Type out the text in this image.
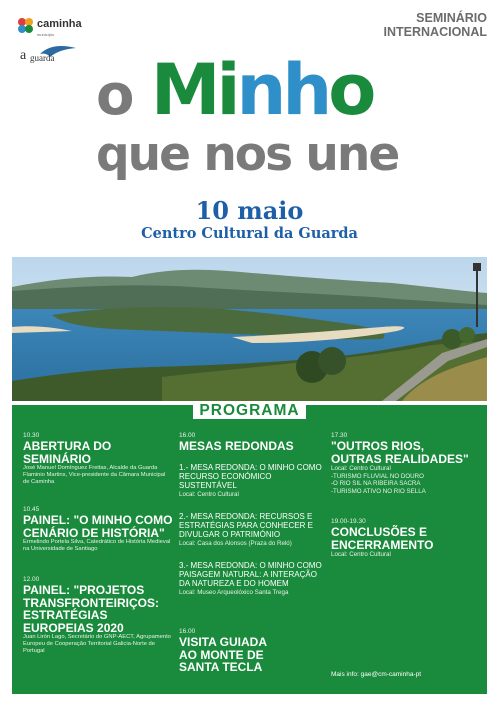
caminha
município
a guarda
SEMINÁRIO
INTERNACIONAL
o Minho
que nos une
10 maio
Centro Cultural da Guarda
PROGRAMA
10.30
ABERTURA DO SEMINÁRIO
José Manuel Domínguez Freitas, Alcalde da Guarda Flaminio Martins, Vice-presidente da Câmara Municipal de Caminha
10.45
PAINEL: "O MINHO COMO CENÁRIO DE HISTÓRIA"
Ermelindo Portela Silva, Catedrático de História Medieval na Universidade de Santiago
12.00
PAINEL: "PROJETOS TRANSFRONTEIRIÇOS: ESTRATÉGIAS EUROPEIAS 2020
Juan Lirón Lago, Secretário do GNP-AECT, Agrupamento Europeu de Cooperação Territorial Galicia-Norte de Portugal
16.00
MESAS REDONDAS
1.- MESA REDONDA: O MINHO COMO RECURSO ECONÓMICO SUSTENTÁVEL
Local: Centro Cultural
2.- MESA REDONDA: RECURSOS E ESTRATÉGIAS PARA CONHECER E DIVULGAR O PATRIMÓNIO
Local: Casa dos Alonsos (Praza do Reló)
3.- MESA REDONDA: O MINHO COMO PAISAGEM NATURAL: A INTERAÇÃO DA NATUREZA E DO HOMEM
Local: Museo Arqueolóxico Santa Trega
16.00
VISITA GUIADA AO MONTE DE SANTA TECLA
17.30
"OUTROS RIOS, OUTRAS REALIDADES"
Local: Centro Cultural
-TURISMO FLUVIAL NO DOURO
-O RIO SIL NA RIBEIRA SACRA
-TURISMO ATIVO NO RIO SELLA
19.00-19.30
CONCLUSÕES E ENCERRAMENTO
Local: Centro Cultural
Mais info: gae@cm-caminha-pt
